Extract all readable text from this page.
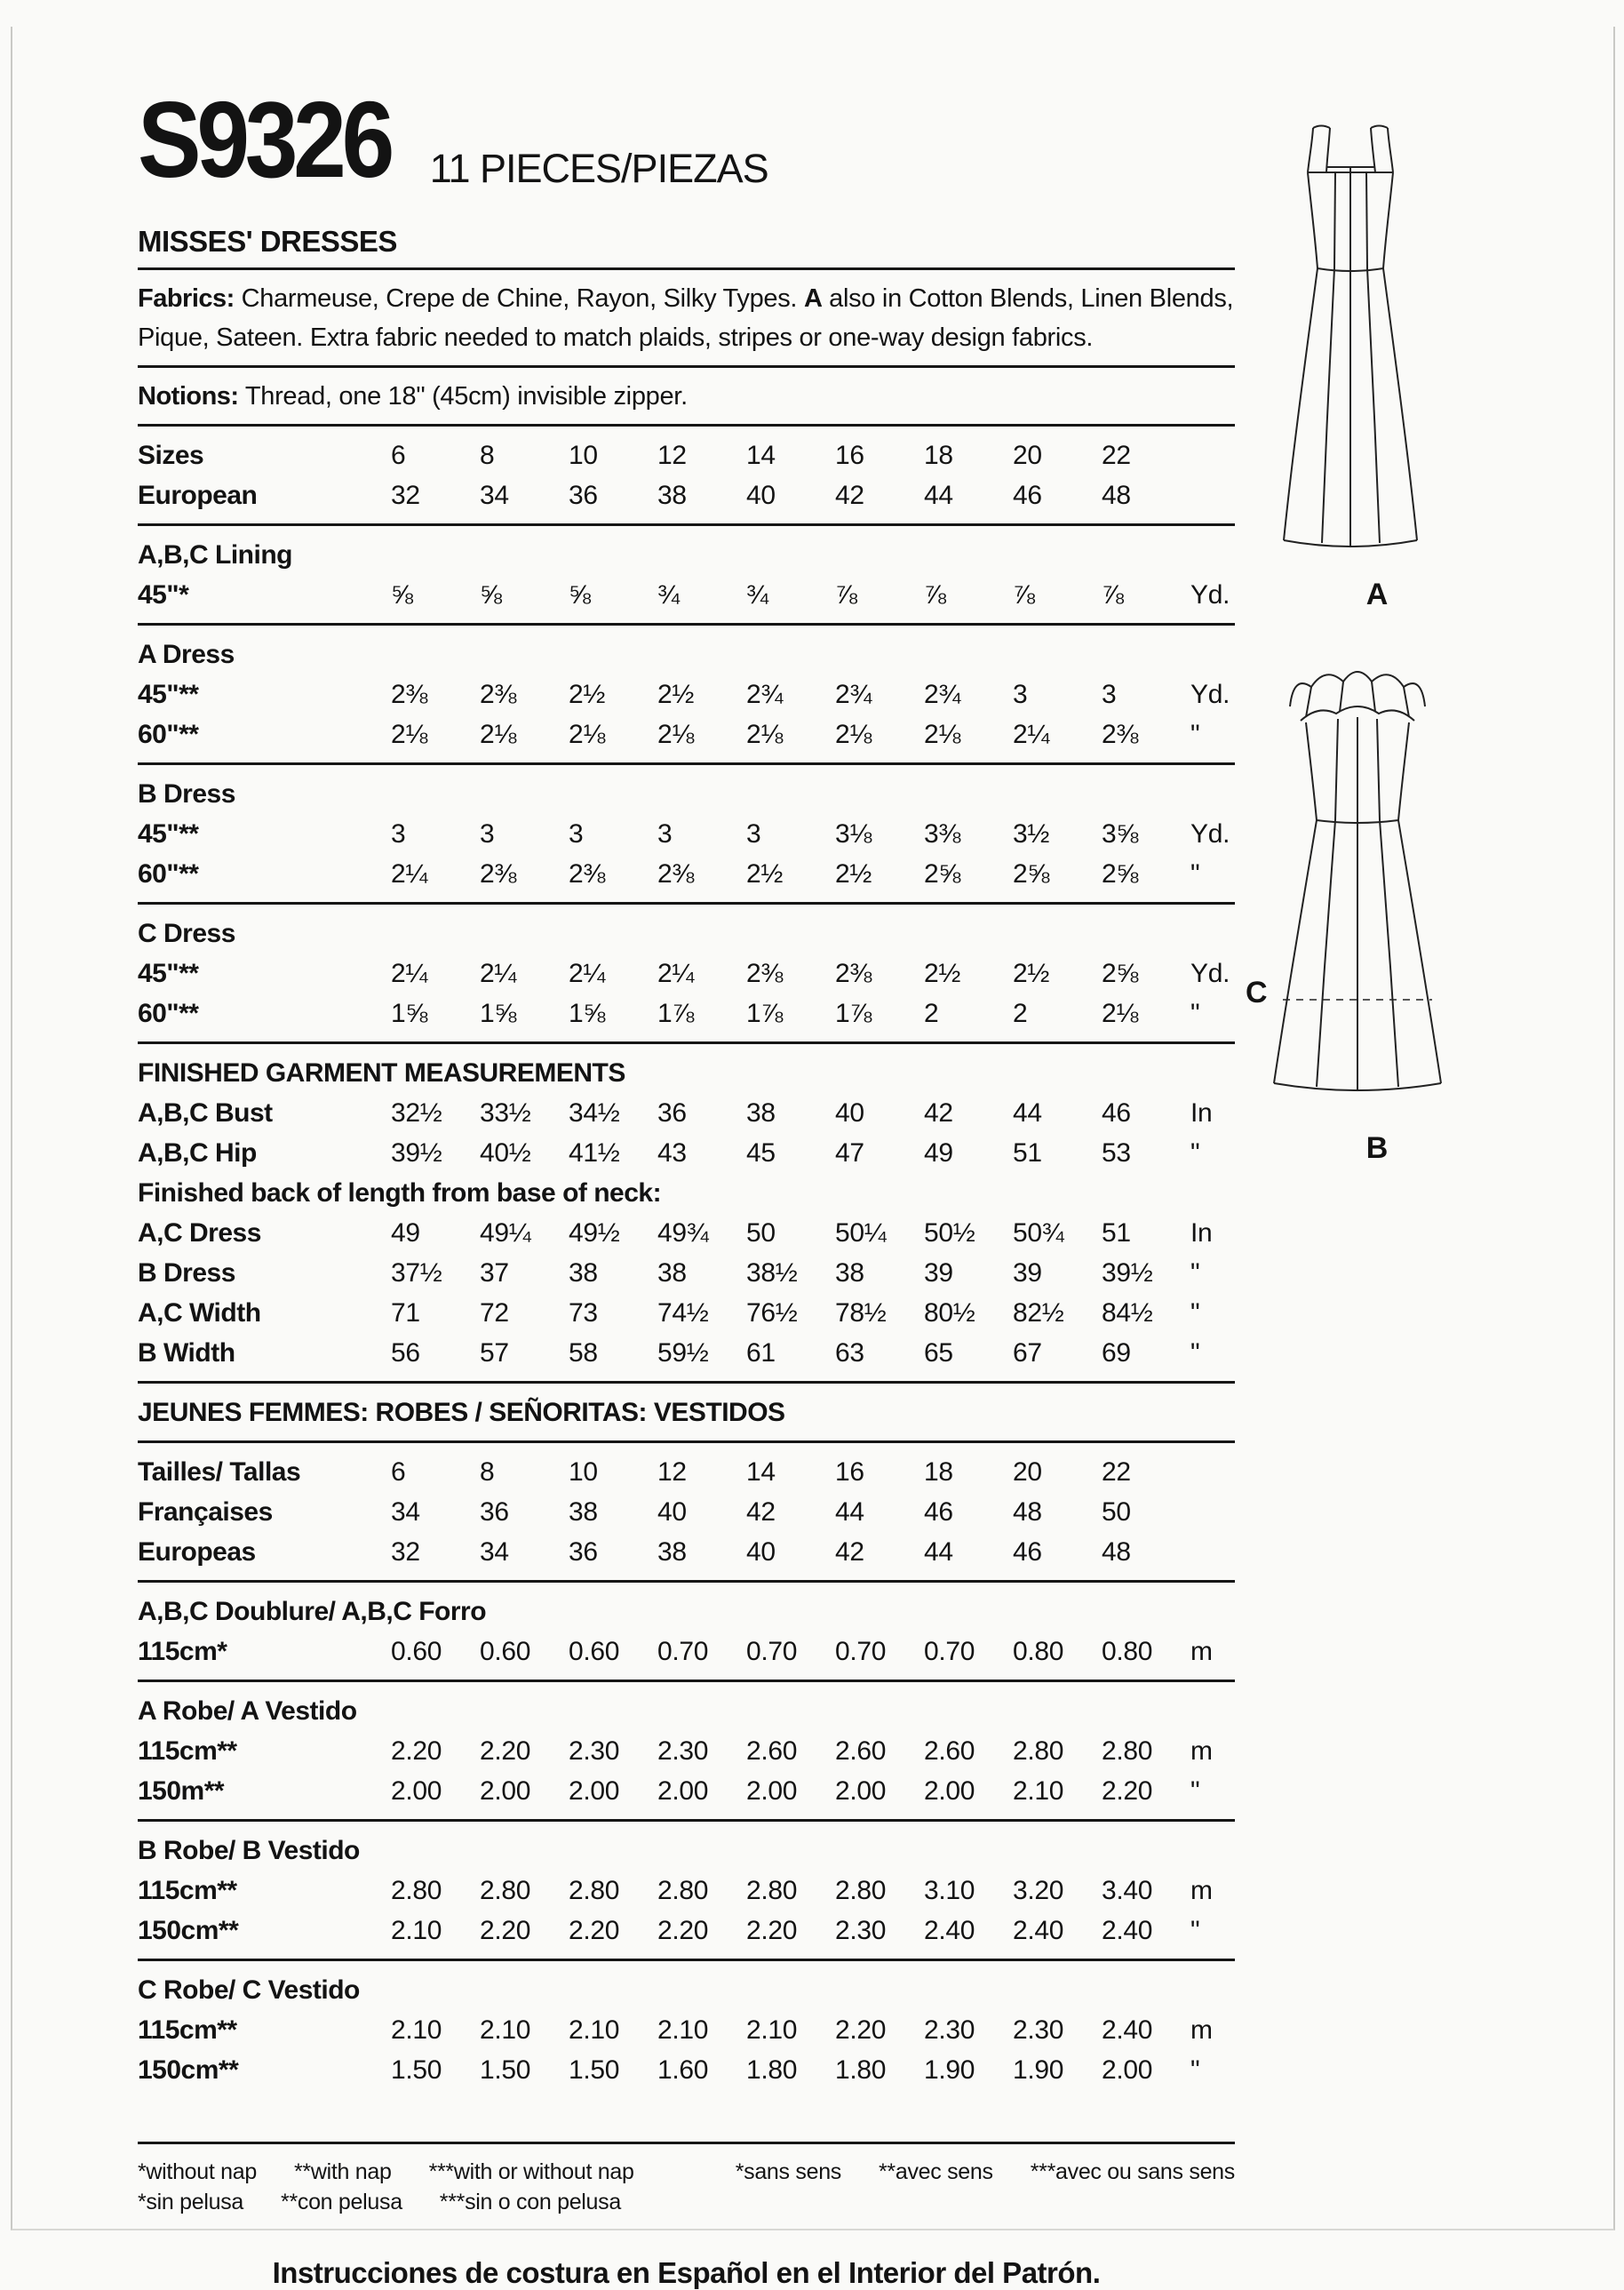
S9326 11 PIECES/PIEZAS
MISSES' DRESSES

Fabrics: Charmeuse, Crepe de Chine, Rayon, Silky Types. A also in Cotton Blends, Linen Blends, Pique, Sateen. Extra fabric needed to match plaids, stripes or one-way design fabrics.

Notions: Thread, one 18" (45cm) invisible zipper.

Sizes	6	8	10	12	14	16	18	20	22
European	32	34	36	38	40	42	44	46	48
A,B,C Lining
45"*	⅝	⅝	⅝	¾	¾	⅞	⅞	⅞	⅞	Yd.
A Dress
45"**	2⅜	2⅜	2½	2½	2¾	2¾	2¾	3	3	Yd.
60"**	2⅛	2⅛	2⅛	2⅛	2⅛	2⅛	2⅛	2¼	2⅜	"
B Dress
45"**	3	3	3	3	3	3⅛	3⅜	3½	3⅝	Yd.
60"**	2¼	2⅜	2⅜	2⅜	2½	2½	2⅝	2⅝	2⅝	"
C Dress
45"**	2¼	2¼	2¼	2¼	2⅜	2⅜	2½	2½	2⅝	Yd.
60"**	1⅝	1⅝	1⅝	1⅞	1⅞	1⅞	2	2	2⅛	"
FINISHED GARMENT MEASUREMENTS
A,B,C Bust	32½	33½	34½	36	38	40	42	44	46	In
A,B,C Hip	39½	40½	41½	43	45	47	49	51	53	"
Finished back of length from base of neck:
A,C Dress	49	49¼	49½	49¾	50	50¼	50½	50¾	51	In
B Dress	37½	37	38	38	38½	38	39	39	39½	"
A,C Width	71	72	73	74½	76½	78½	80½	82½	84½	"
B Width	56	57	58	59½	61	63	65	67	69	"
JEUNES FEMMES: ROBES / SEÑORITAS: VESTIDOS
Tailles/ Tallas	6	8	10	12	14	16	18	20	22
Françaises	34	36	38	40	42	44	46	48	50
Europeas	32	34	36	38	40	42	44	46	48
A,B,C Doublure/ A,B,C Forro
115cm*	0.60	0.60	0.60	0.70	0.70	0.70	0.70	0.80	0.80	m
A Robe/ A Vestido
115cm**	2.20	2.20	2.30	2.30	2.60	2.60	2.60	2.80	2.80	m
150m**	2.00	2.00	2.00	2.00	2.00	2.00	2.00	2.10	2.20	"
B Robe/ B Vestido
115cm**	2.80	2.80	2.80	2.80	2.80	2.80	3.10	3.20	3.40	m
150cm**	2.10	2.20	2.20	2.20	2.20	2.30	2.40	2.40	2.40	"
C Robe/ C Vestido
115cm**	2.10	2.10	2.10	2.10	2.10	2.20	2.30	2.30	2.40	m
150cm**	1.50	1.50	1.50	1.60	1.80	1.80	1.90	1.90	2.00	"
*without nap **with nap ***with or without nap	*sans sens **avec sens ***avec ou sans sens
*sin pelusa **con pelusa ***sin o con pelusa
Instrucciones de costura en Español en el Interior del Patrón.
A
B
C
